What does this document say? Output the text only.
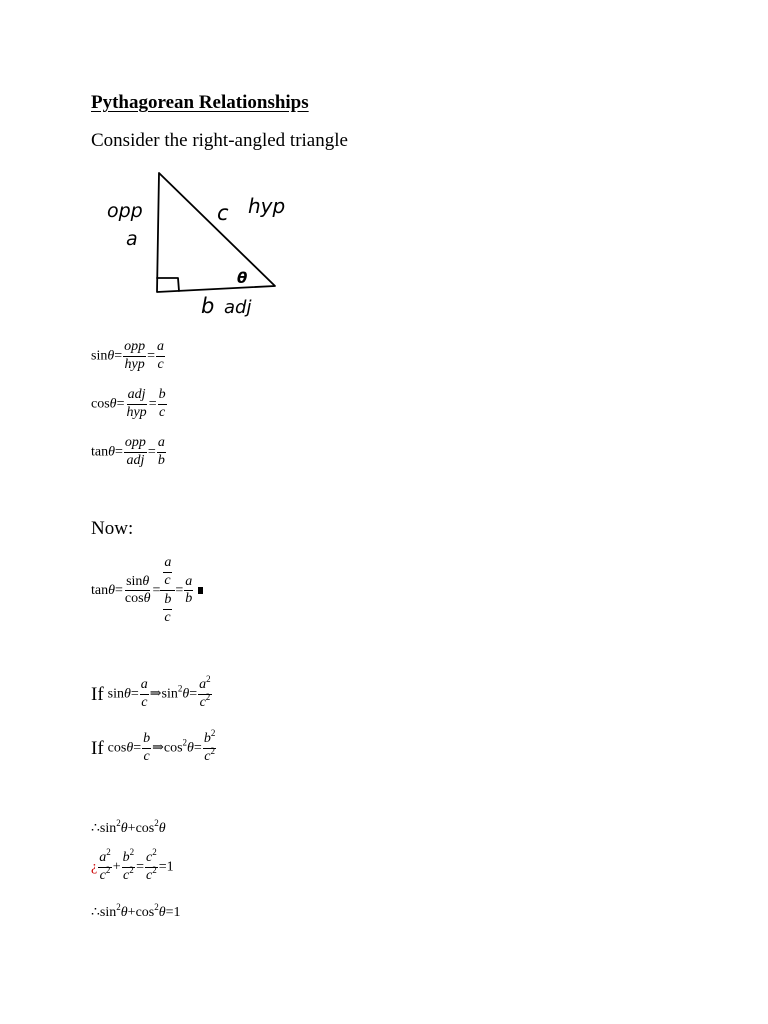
Pythagorean Relationships
Consider the right-angled triangle
opp
a
c hyp
θ
b adj
$\sin\theta= \frac{\text{opp}}{\text{hyp}} = \frac{a}{c}$
$\cos\theta= \frac{\text{adj}}{\text{hyp}} = \frac{b}{c}$
$\tan\theta= \frac{\text{opp}}{\text{adj}} = \frac{a}{b}$
Now:
$\tan\theta= \frac{\sin\theta}{\cos\theta} = \frac{\frac{a}{c}}{\frac{b}{c}} = \frac{a}{b}$
If $\sin\theta= \frac{a}{c}$ $\Rightarrow\sin^2\theta= \frac{a^2}{c^2}$
If $\cos\theta= \frac{b}{c}$ $\Rightarrow\cos^2\theta= \frac{b^2}{c^2}$
$\therefore\sin^2\theta+\cos^2\theta$
¿ $\frac{a^2}{c^2} + \frac{b^2}{c^2} = \frac{c^2}{c^2} =1$
$\therefore\sin^2\theta+\cos^2\theta=1$
